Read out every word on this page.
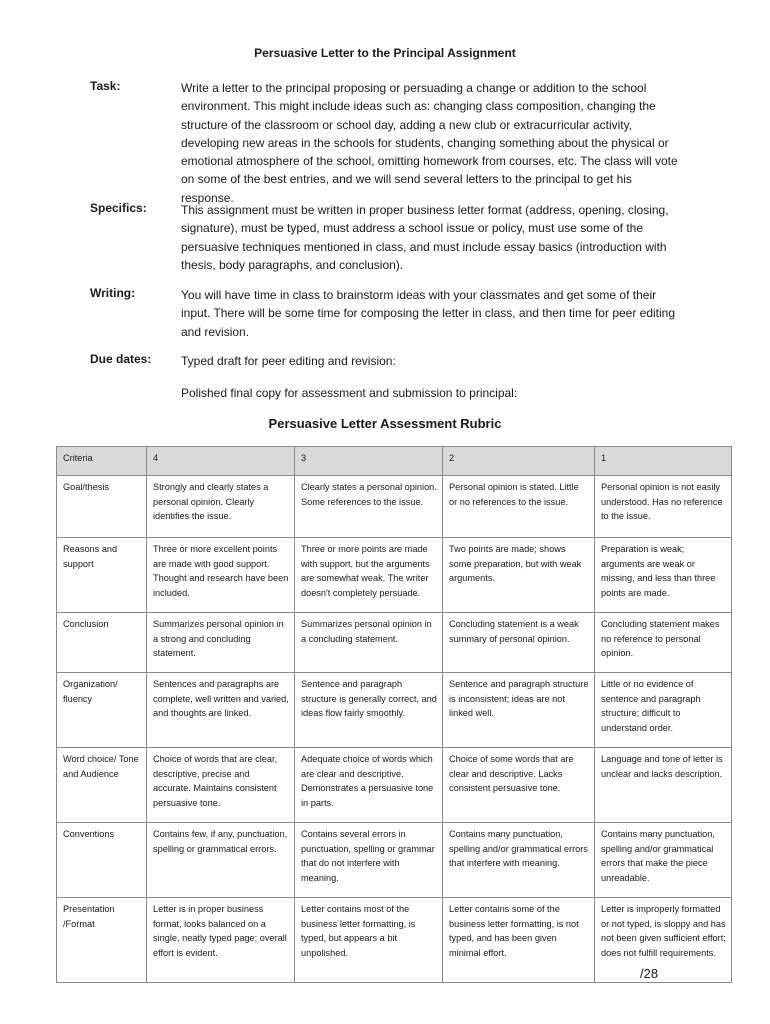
Persuasive Letter to the Principal Assignment
Task:	Write a letter to the principal proposing or persuading a change or addition to the school environment. This might include ideas such as: changing class composition, changing the structure of the classroom or school day, adding a new club or extracurricular activity, developing new areas in the schools for students, changing something about the physical or emotional atmosphere of the school, omitting homework from courses, etc. The class will vote on some of the best entries, and we will send several letters to the principal to get his response.

Specifics:	This assignment must be written in proper business letter format (address, opening, closing, signature), must be typed, must address a school issue or policy, must use some of the persuasive techniques mentioned in class, and must include essay basics (introduction with thesis, body paragraphs, and conclusion).

Writing:	You will have time in class to brainstorm ideas with your classmates and get some of their input. There will be some time for composing the letter in class, and then time for peer editing and revision.

Due dates: Typed draft for peer editing and revision:

Polished final copy for assessment and submission to principal:

Persuasive Letter Assessment Rubric
Criteria	4	3	2	1
Goal/thesis	Strongly and clearly states a personal opinion. Clearly identifies the issue.	Clearly states a personal opinion. Some references to the issue.	Personal opinion is stated. Little or no references to the issue.	Personal opinion is not easily understood. Has no reference to the issue.
Reasons and support	Three or more excellent points are made with good support. Thought and research have been included.	Three or more points are made with support, but the arguments are somewhat weak. The writer doesn't completely persuade.	Two points are made; shows some preparation, but with weak arguments.	Preparation is weak; arguments are weak or missing, and less than three points are made.
Conclusion	Summarizes personal opinion in a strong and concluding statement.	Summarizes personal opinion in a concluding statement.	Concluding statement is a weak summary of personal opinion.	Concluding statement makes no reference to personal opinion.
Organization/ fluency	Sentences and paragraphs are complete, well written and varied, and thoughts are linked.	Sentence and paragraph structure is generally correct, and ideas flow fairly smoothly.	Sentence and paragraph structure is inconsistent; ideas are not linked well.	Little or no evidence of sentence and paragraph structure; difficult to understand order.
Word choice/ Tone and Audience	Choice of words that are clear, descriptive, precise and accurate. Maintains consistent persuasive tone.	Adequate choice of words which are clear and descriptive. Demonstrates a persuasive tone in parts.	Choice of some words that are clear and descriptive. Lacks consistent persuasive tone.	Language and tone of letter is unclear and lacks description.
Conventions	Contains few, if any, punctuation, spelling or grammatical errors.	Contains several errors in punctuation, spelling or grammar that do not interfere with meaning.	Contains many punctuation, spelling and/or grammatical errors that interfere with meaning.	Contains many punctuation, spelling and/or grammatical errors that make the piece unreadable.
Presentation /Format	Letter is in proper business format, looks balanced on a single, neatly typed page; overall effort is evident.	Letter contains most of the business letter formatting, is typed, but appears a bit unpolished.	Letter contains some of the business letter formatting, is not typed, and has been given minimal effort.	Letter is improperly formatted or not typed, is sloppy and has not been given sufficient effort; does not fulfill requirements.
/28
